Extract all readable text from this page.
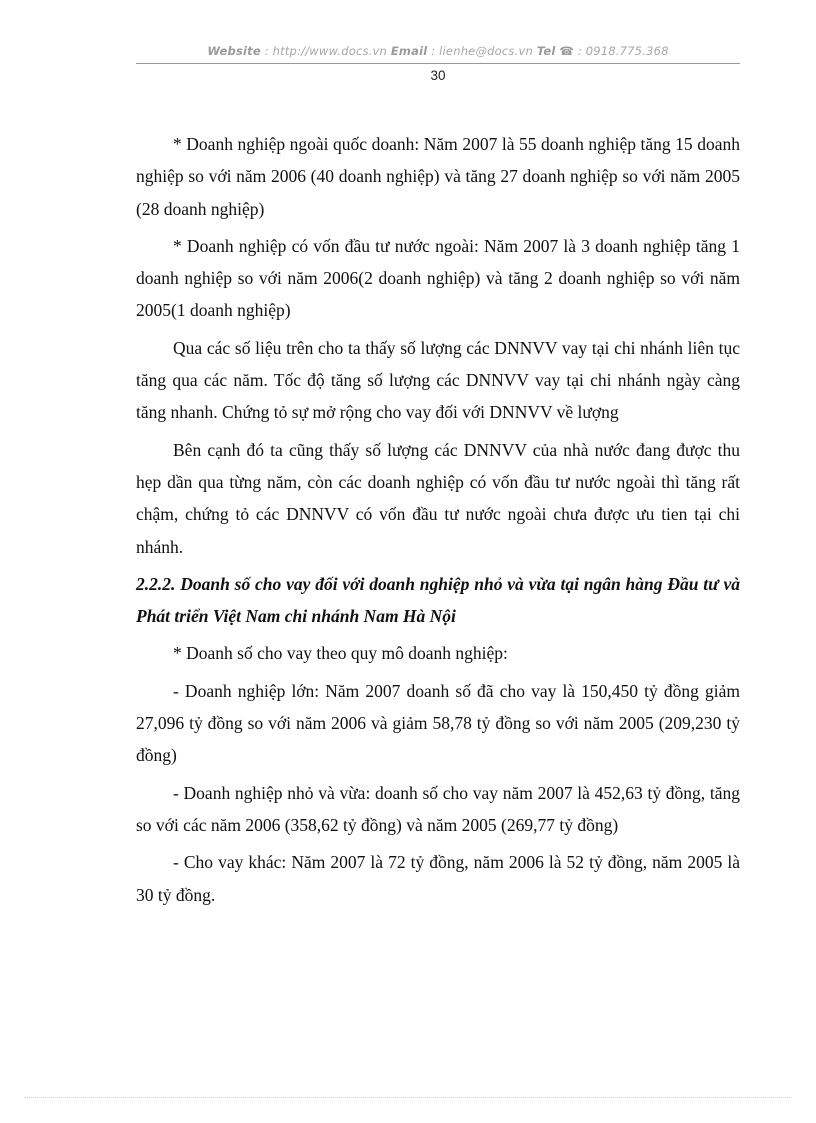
Website : http://www.docs.vn Email : lienhe@docs.vn Tel ☎ : 0918.775.368
30

* Doanh nghiệp ngoài quốc doanh: Năm 2007 là 55 doanh nghiệp tăng 15 doanh nghiệp so với năm 2006 (40 doanh nghiệp) và tăng 27 doanh nghiệp so với năm 2005 (28 doanh nghiệp)

* Doanh nghiệp có vốn đầu tư nước ngoài: Năm 2007 là 3 doanh nghiệp tăng 1 doanh nghiệp so với năm 2006(2 doanh nghiệp) và tăng 2 doanh nghiệp so với năm 2005(1 doanh nghiệp)

Qua các số liệu trên cho ta thấy số lượng các DNNVV vay tại chi nhánh liên tục tăng qua các năm. Tốc độ tăng số lượng các DNNVV vay tại chi nhánh ngày càng tăng nhanh. Chứng tỏ sự mở rộng cho vay đối với DNNVV về lượng

Bên cạnh đó ta cũng thấy số lượng các DNNVV của nhà nước đang được thu hẹp dần qua từng năm, còn các doanh nghiệp có vốn đầu tư nước ngoài thì tăng rất chậm, chứng tỏ các DNNVV có vốn đầu tư nước ngoài chưa được ưu tien tại chi nhánh.

2.2.2. Doanh số cho vay đối với doanh nghiệp nhỏ và vừa tại ngân hàng Đầu tư và Phát triển Việt Nam chi nhánh Nam Hà Nội

* Doanh số cho vay theo quy mô doanh nghiệp:

- Doanh nghiệp lớn: Năm 2007 doanh số đã cho vay là 150,450 tỷ đồng giảm 27,096 tỷ đồng so với năm 2006 và giảm 58,78 tỷ đồng so với năm 2005 (209,230 tỷ đồng)

- Doanh nghiệp nhỏ và vừa: doanh số cho vay năm 2007 là 452,63 tỷ đồng, tăng so với các năm 2006 (358,62 tỷ đồng) và năm 2005 (269,77 tỷ đồng)

- Cho vay khác: Năm 2007 là 72 tỷ đồng, năm 2006 là 52 tỷ đồng, năm 2005 là 30 tỷ đồng.
